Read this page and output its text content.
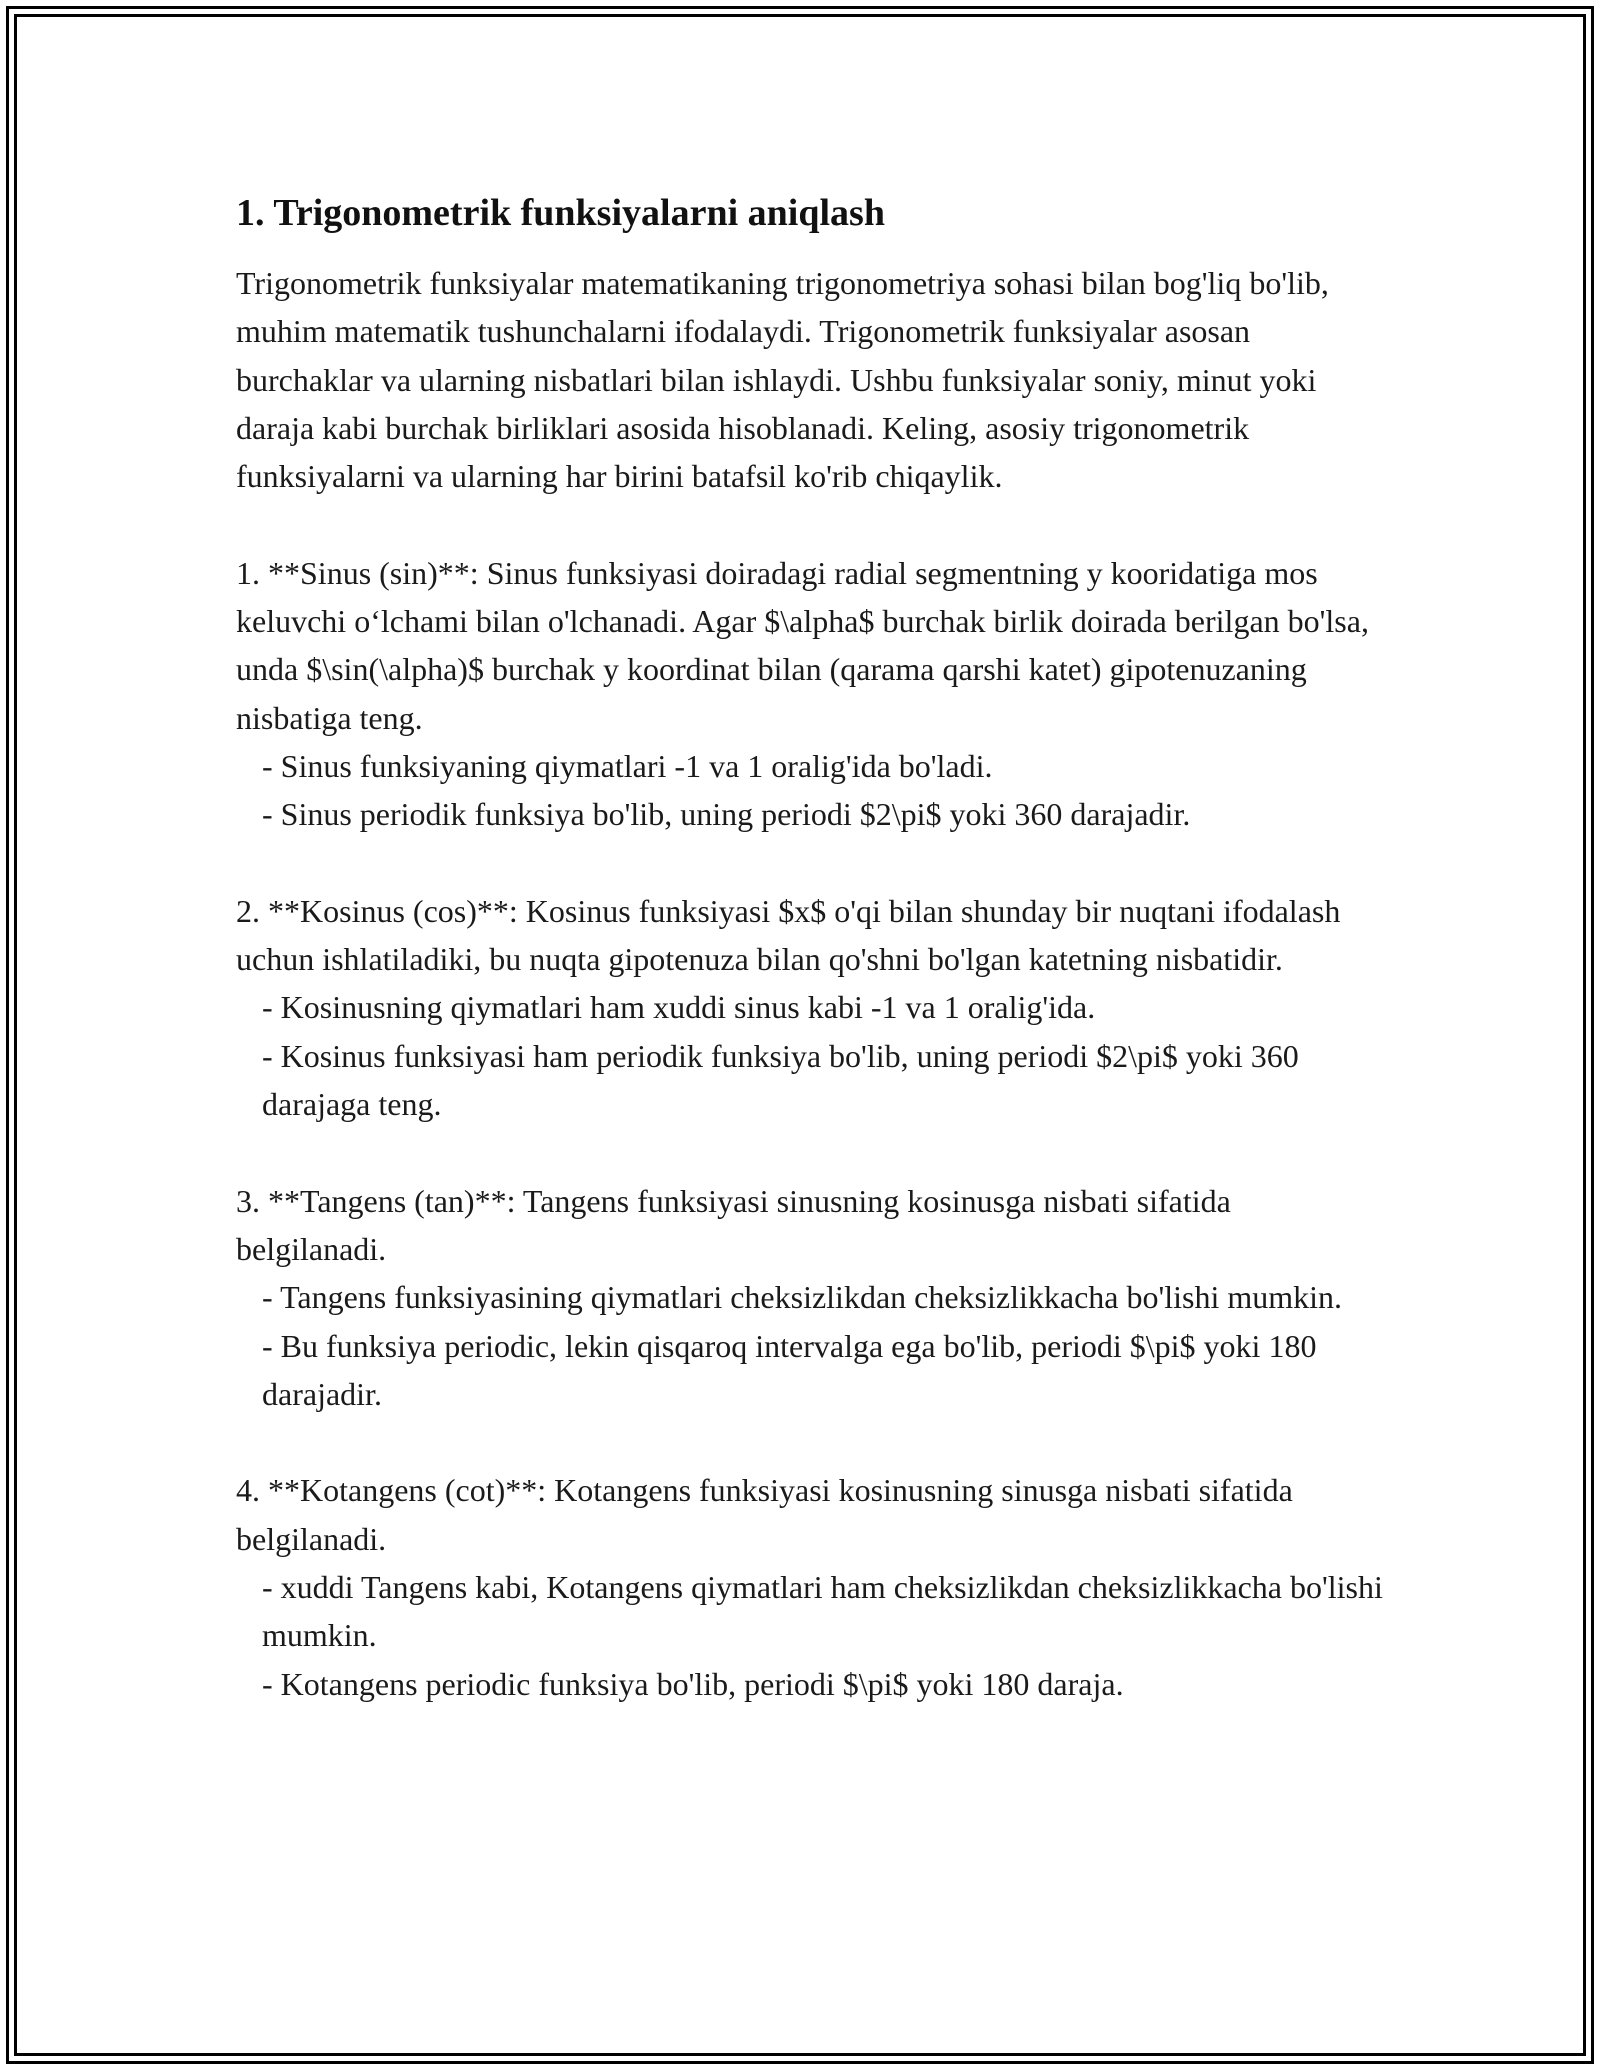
1. Trigonometrik funksiyalarni aniqlash

Trigonometrik funksiyalar matematikaning trigonometriya sohasi bilan bog'liq bo'lib, muhim matematik tushunchalarni ifodalaydi. Trigonometrik funksiyalar asosan burchaklar va ularning nisbatlari bilan ishlaydi. Ushbu funksiyalar soniy, minut yoki daraja kabi burchak birliklari asosida hisoblanadi. Keling, asosiy trigonometrik funksiyalarni va ularning har birini batafsil ko'rib chiqaylik.

1. **Sinus (sin)**: Sinus funksiyasi doiradagi radial segmentning y kooridatiga mos keluvchi o‘lchami bilan o'lchanadi. Agar $\alpha$ burchak birlik doirada berilgan bo'lsa, unda $\sin(\alpha)$ burchak y koordinat bilan (qarama qarshi katet) gipotenuzaning nisbatiga teng.

- Sinus funksiyaning qiymatlari -1 va 1 oralig'ida bo'ladi.

- Sinus periodik funksiya bo'lib, uning periodi $2\pi$ yoki 360 darajadir.

2. **Kosinus (cos)**: Kosinus funksiyasi $x$ o'qi bilan shunday bir nuqtani ifodalash uchun ishlatiladiki, bu nuqta gipotenuza bilan qo'shni bo'lgan katetning nisbatidir.

- Kosinusning qiymatlari ham xuddi sinus kabi -1 va 1 oralig'ida.

- Kosinus funksiyasi ham periodik funksiya bo'lib, uning periodi $2\pi$ yoki 360 darajaga teng.

3. **Tangens (tan)**: Tangens funksiyasi sinusning kosinusga nisbati sifatida belgilanadi.

- Tangens funksiyasining qiymatlari cheksizlikdan cheksizlikkacha bo'lishi mumkin.

- Bu funksiya periodic, lekin qisqaroq intervalga ega bo'lib, periodi $\pi$ yoki 180 darajadir.

4. **Kotangens (cot)**: Kotangens funksiyasi kosinusning sinusga nisbati sifatida belgilanadi.

- xuddi Tangens kabi, Kotangens qiymatlari ham cheksizlikdan cheksizlikkacha bo'lishi mumkin.

- Kotangens periodic funksiya bo'lib, periodi $\pi$ yoki 180 daraja.
